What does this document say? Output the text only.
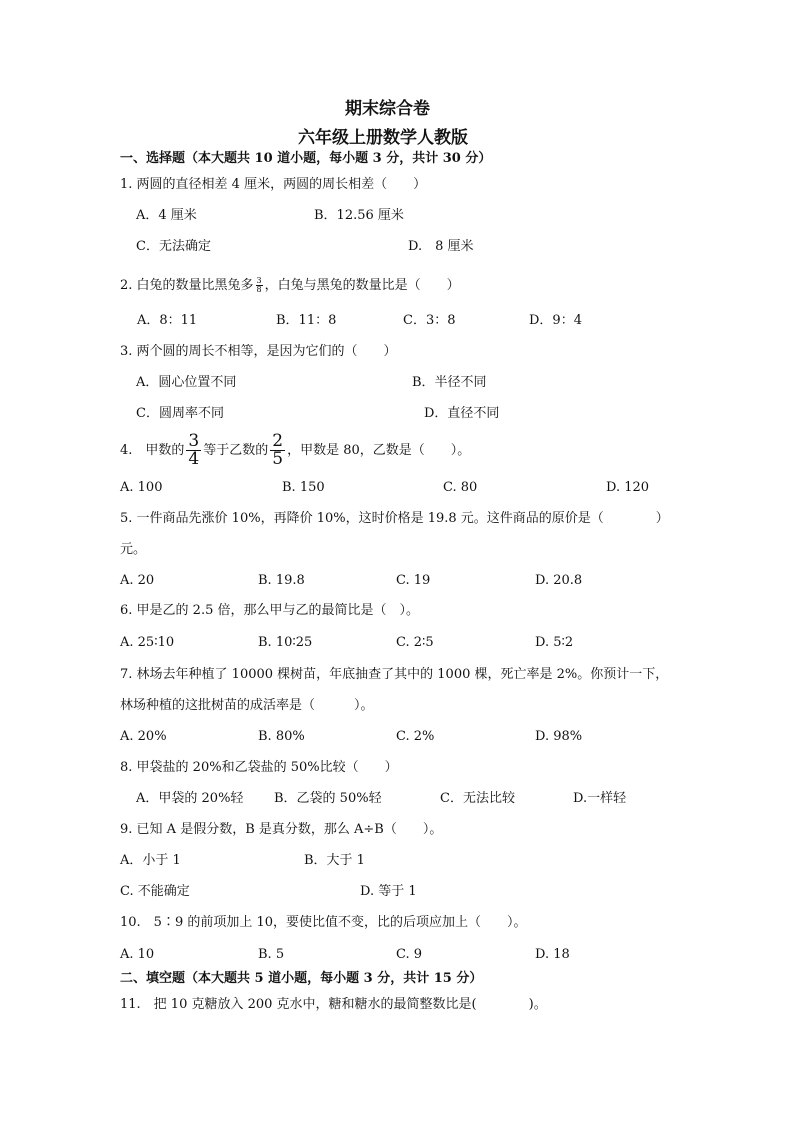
期末综合卷
六年级上册数学人教版
一、选择题（本大题共 10 道小题，每小题 3 分，共计 30 分）
1. 两圆的直径相差 4 厘米，两圆的周长相差（　　）
A．4 厘米	B．12.56 厘米
C．无法确定	D.　8 厘米
2. 白兔的数量比黑兔多 $\frac{3}{8}$ ，白兔与黑兔的数量比是（　　）
A．8：11	B．11：8	C．3：8	D．9：4
3. 两个圆的周长不相等，是因为它们的（　　）
A．圆心位置不同	B．半径不同
C．圆周率不同	D．直径不同
4.　甲数的 $\frac{3}{4}$ 等于乙数的 $\frac{2}{5}$ ，甲数是 80，乙数是（　　）。
A. 100	B. 150	C. 80	D. 120
5. 一件商品先涨价 10%，再降价 10%，这时价格是 19.8 元。这件商品的原价是（　　　　）
元。
A. 20	B. 19.8	C. 19	D. 20.8
6. 甲是乙的 2.5 倍，那么甲与乙的最简比是（　）。
A. 25∶10	B. 10∶25	C. 2∶5	D. 5∶2
7. 林场去年种植了 10000 棵树苗，年底抽查了其中的 1000 棵，死亡率是 2%。你预计一下，
林场种植的这批树苗的成活率是（　　　）。
A. 20%	B. 80%	C. 2%	D. 98%
8. 甲袋盐的 20%和乙袋盐的 50%比较（　　）
A．甲袋的 20%轻 B．乙袋的 50%轻	C．无法比较	D.一样轻
9. 已知 A 是假分数，B 是真分数，那么 A÷B（　　）。
A．小于 1	B．大于 1
C. 不能确定	D. 等于 1
10.　5∶9 的前项加上 10，要使比值不变，比的后项应加上（　　）。
A. 10	B. 5	C. 9	D. 18
二、填空题（本大题共 5 道小题，每小题 3 分，共计 15 分）
11.　把 10 克糖放入 200 克水中，糖和糖水的最简整数比是(　　　　)。
